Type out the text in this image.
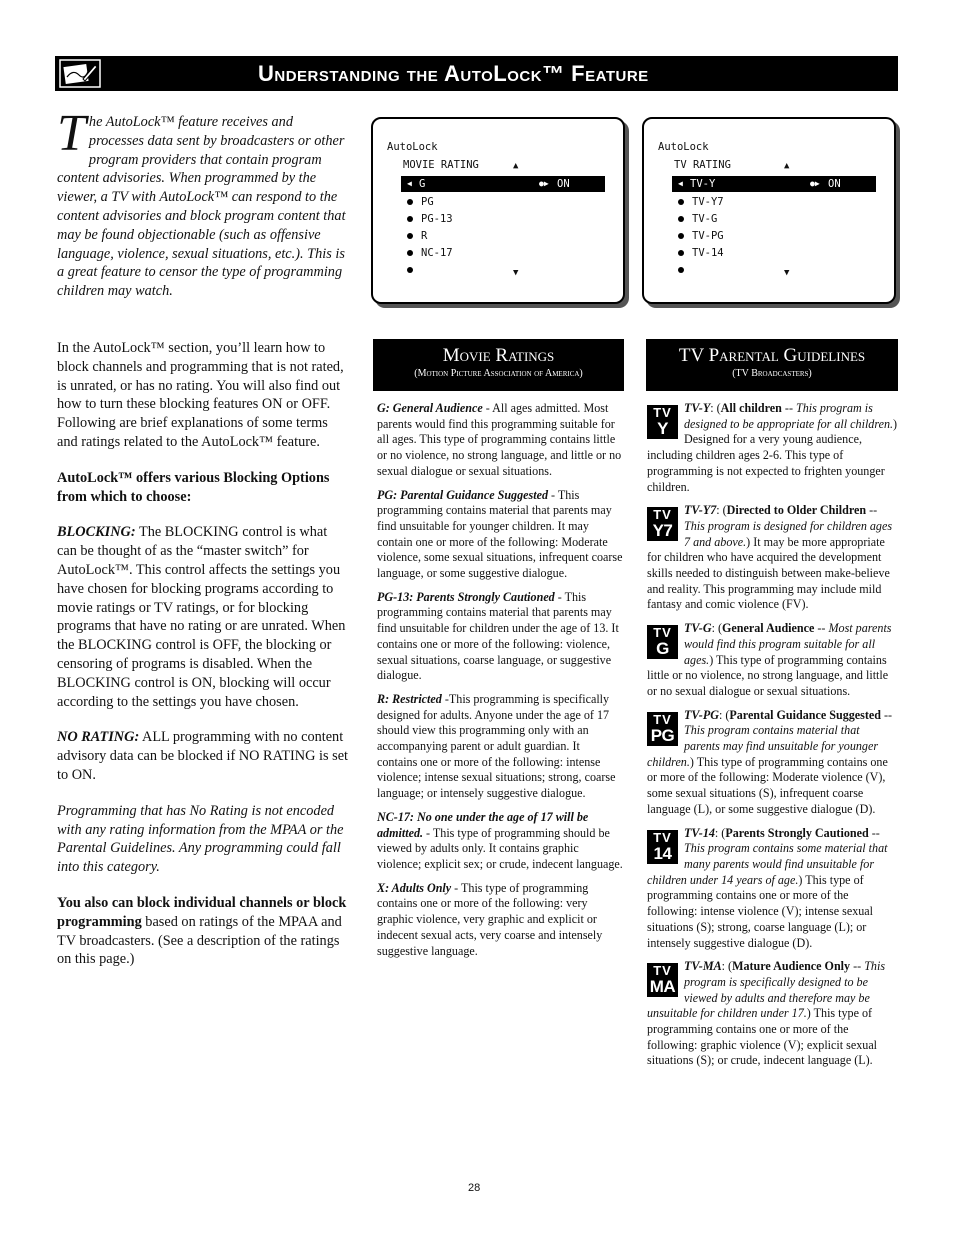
Understanding the AutoLock™ Feature
The AutoLock™ feature receives and processes data sent by broadcasters or other program providers that contain program content advisories. When programmed by the viewer, a TV with AutoLock™ can respond to the content advisories and block program content that may be found objectionable (such as offensive language, violence, sexual situations, etc.). This is a great feature to censor the type of programming children may watch.

In the AutoLock™ section, you’ll learn how to block channels and programming that is not rated, is unrated, or has no rating. You will also find out how to turn these blocking features ON or OFF. Following are brief explanations of some terms and ratings related to the AutoLock™ feature.

AutoLock™ offers various Blocking Options from which to choose:

BLOCKING: The BLOCKING control is what can be thought of as the “master switch” for AutoLock™. This control affects the settings you have chosen for blocking programs according to movie ratings or TV ratings, or for blocking programs that have no rating or are unrated. When the BLOCKING control is OFF, the blocking or censoring of programs is disabled. When the BLOCKING control is ON, blocking will occur according to the settings you have chosen.

NO RATING: ALL programming with no content advisory data can be blocked if NO RATING is set to ON.

Programming that has No Rating is not encoded with any rating information from the MPAA or the Parental Guidelines. Any programming could fall into this category.

You also can block individual channels or block programming based on ratings of the MPAA and TV broadcasters. (See a description of the ratings on this page.)

AutoLock
MOVIE RATING	▲
◀ G	●▶ ON
PG
PG-13
R
NC-17
▼
AutoLock
TV RATING	▲
◀ TV-Y	●▶ ON
TV-Y7
TV-G
TV-PG
TV-14
▼
Movie Ratings
(Motion Picture Association of America)
TV Parental Guidelines
(TV Broadcasters)

G: General Audience - All ages admitted. Most parents would find this programming suitable for all ages. This type of programming contains little or no violence, no strong language, and little or no sexual dialogue or sexual situations.

PG: Parental Guidance Suggested - This programming contains material that parents may find unsuitable for younger children. It may contain one or more of the following: Moderate violence, some sexual situations, infrequent coarse language, or some suggestive dialogue.

PG-13: Parents Strongly Cautioned - This programming contains material that parents may find unsuitable for children under the age of 13. It contains one or more of the following: violence, sexual situations, coarse language, or suggestive dialogue.

R: Restricted -This programming is specifically designed for adults. Anyone under the age of 17 should view this programming only with an accompanying parent or adult guardian. It contains one or more of the following: intense violence; intense sexual situations; strong, coarse language; or intensely suggestive dialogue.

NC-17: No one under the age of 17 will be admitted. - This type of programming should be viewed by adults only. It contains graphic violence; explicit sex; or crude, indecent language.

X: Adults Only - This type of programming contains one or more of the following: very graphic violence, very graphic and explicit or indecent sexual acts, very coarse and intensely suggestive language.

TV
Y
TV-Y: (All children -- This program is designed to be appropriate for all children.) Designed for a very young audience, including children ages 2-6. This type of programming is not expected to frighten younger children.
TV
Y7
TV-Y7: (Directed to Older Children -- This program is designed for children ages 7 and above.) It may be more appropriate for children who have acquired the development skills needed to distinguish between make-believe and reality. This programming may include mild fantasy and comic violence (FV).
TV
G
TV-G: (General Audience -- Most parents would find this program suitable for all ages.) This type of programming contains little or no violence, no strong language, and little or no sexual dialogue or sexual situations.
TV
PG
TV-PG: (Parental Guidance Suggested -- This program contains material that parents may find unsuitable for younger children.) This type of programming contains one or more of the following: Moderate violence (V), some sexual situations (S), infrequent coarse language (L), or some suggestive dialogue (D).
TV
14
TV-14: (Parents Strongly Cautioned -- This program contains some material that many parents would find unsuitable for children under 14 years of age.) This type of programming contains one or more of the following: intense violence (V); intense sexual situations (S); strong, coarse language (L); or intensely suggestive dialogue (D).
TV
MA
TV-MA: (Mature Audience Only -- This program is specifically designed to be viewed by adults and therefore may be unsuitable for children under 17.) This type of programming contains one or more of the following: graphic violence (V); explicit sexual situations (S); or crude, indecent language (L).
28
